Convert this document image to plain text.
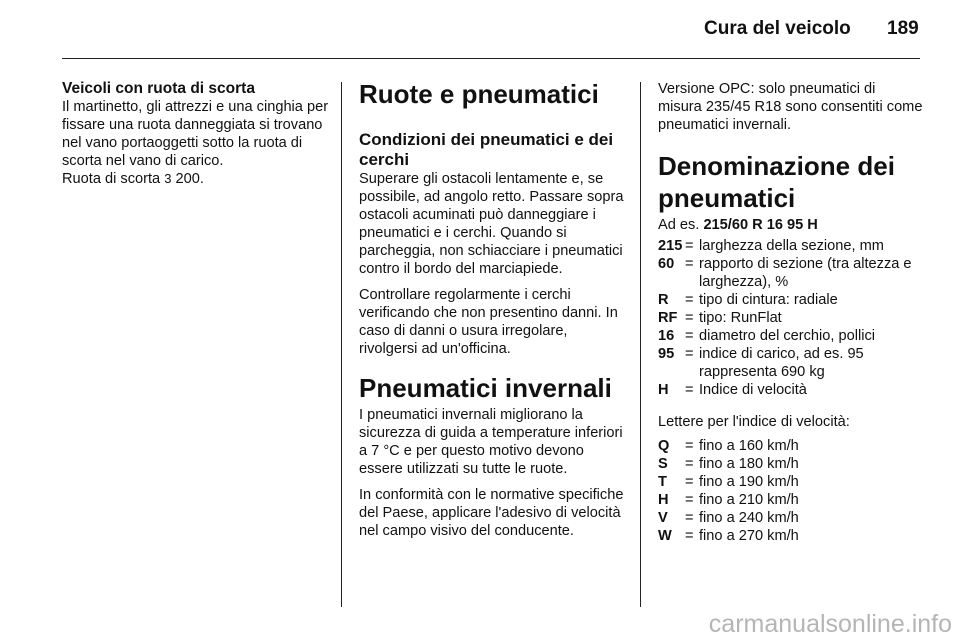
Cura del veicolo 189
Veicoli con ruota di scorta
Il martinetto, gli attrezzi e una cinghia per fissare una ruota danneggiata si trovano nel vano portaoggetti sotto la ruota di scorta nel vano di carico.
Ruota di scorta 3 200.
Ruote e pneumatici
Condizioni dei pneumatici e dei cerchi

Superare gli ostacoli lentamente e, se possibile, ad angolo retto. Passare sopra ostacoli acuminati può danneggiare i pneumatici e i cerchi. Quando si parcheggia, non schiacciare i pneumatici contro il bordo del marciapiede.

Controllare regolarmente i cerchi verificando che non presentino danni. In caso di danni o usura irregolare, rivolgersi ad un'officina.

Pneumatici invernali

I pneumatici invernali migliorano la sicurezza di guida a temperature inferiori a 7 °C e per questo motivo devono essere utilizzati su tutte le ruote.

In conformità con le normative specifiche del Paese, applicare l'adesivo di velocità nel campo visivo del conducente.

Versione OPC: solo pneumatici di misura 235/45 R18 sono consentiti come pneumatici invernali.

Denominazione dei pneumatici
Ad es. 215/60 R 16 95 H
215 = larghezza della sezione, mm
60 = rapporto di sezione (tra altezza e larghezza), %
R	= tipo di cintura: radiale
RF = tipo: RunFlat
16 = diametro del cerchio, pollici
95 = indice di carico, ad es. 95 rappresenta 690 kg
H	= Indice di velocità

Lettere per l'indice di velocità:

Q	= fino a 160 km/h
S	= fino a 180 km/h
T	= fino a 190 km/h
H	= fino a 210 km/h
V	= fino a 240 km/h
W = fino a 270 km/h
carmanualsonline.info
